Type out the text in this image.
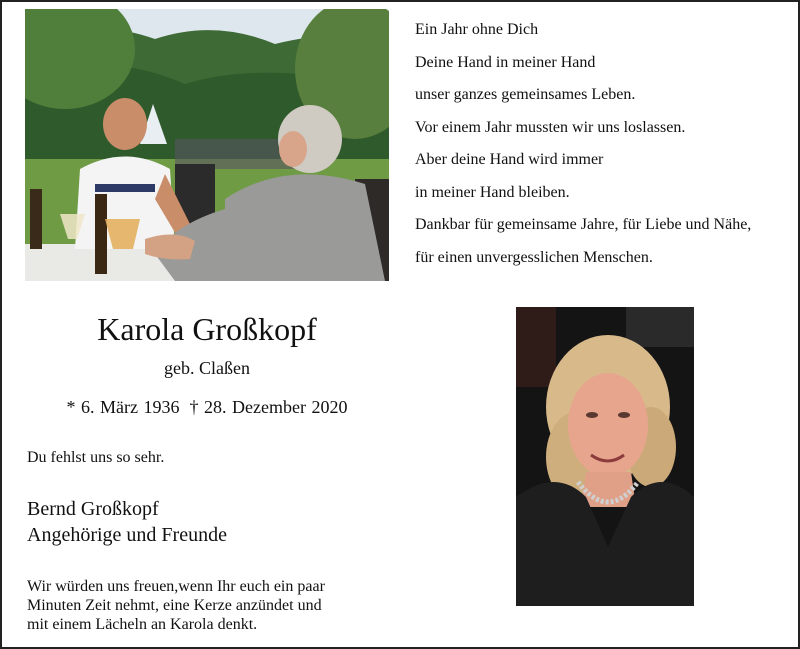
Ein Jahr ohne Dich
Deine Hand in meiner Hand
unser ganzes gemeinsames Leben.
Vor einem Jahr mussten wir uns loslassen.
Aber deine Hand wird immer
in meiner Hand bleiben.
Dankbar für gemeinsame Jahre, für Liebe und Nähe,
für einen unvergesslichen Menschen.
Karola Großkopf
geb. Claßen
* 6. März 1936 † 28. Dezember 2020
Du fehlst uns so sehr.
Bernd Großkopf
Angehörige und Freunde
Wir würden uns freuen,wenn Ihr euch ein paar
Minuten Zeit nehmt, eine Kerze anzündet und
mit einem Lächeln an Karola denkt.
